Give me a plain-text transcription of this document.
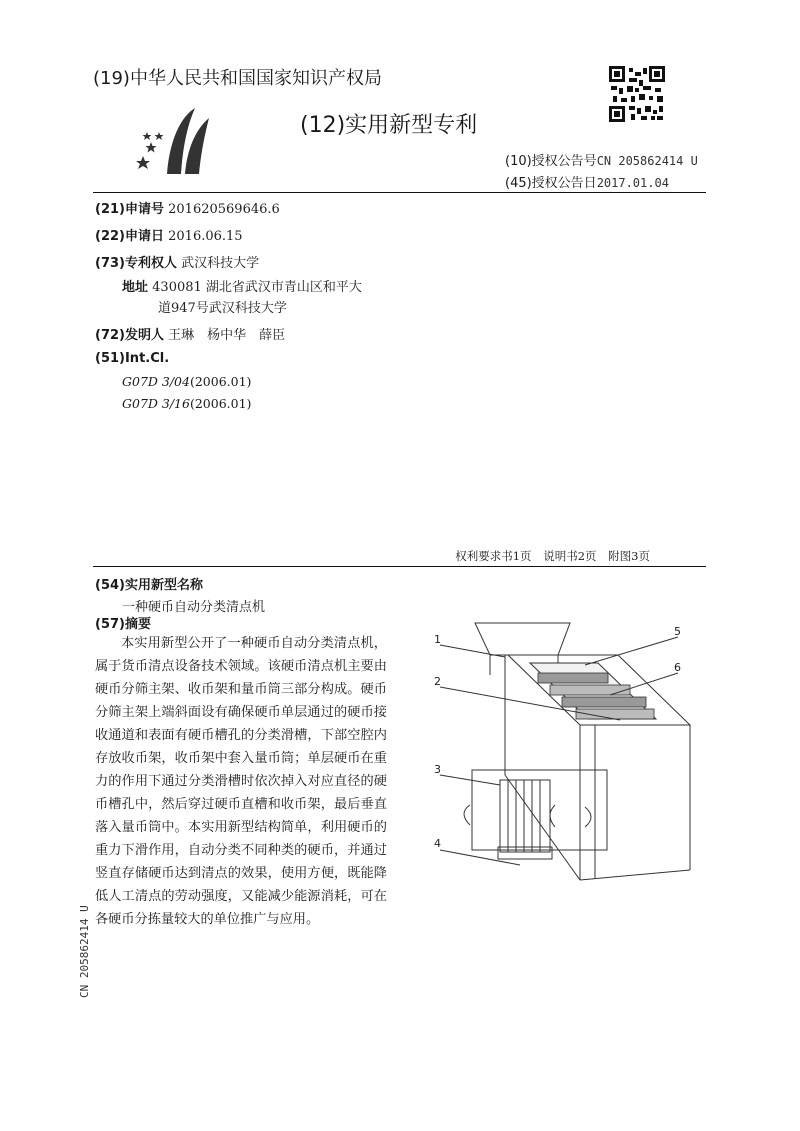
(19)中华人民共和国国家知识产权局
(12)实用新型专利
(10)授权公告号CN 205862414 U
(45)授权公告日2017.01.04
(21)申请号 201620569646.6
(22)申请日 2016.06.15
(73)专利权人 武汉科技大学
地址 430081 湖北省武汉市青山区和平大
道947号武汉科技大学
(72)发明人 王琳　杨中华　薛臣
(51)Int.Cl.
G07D 3/04(2006.01)
G07D 3/16(2006.01)
权利要求书1页 说明书2页 附图3页
(54)实用新型名称
一种硬币自动分类清点机
(57)摘要
本实用新型公开了一种硬币自动分类清点机，属于货币清点设备技术领域。该硬币清点机主要由硬币分筛主架、收币架和量币筒三部分构成。硬币分筛主架上端斜面设有确保硬币单层通过的硬币接收通道和表面有硬币槽孔的分类滑槽，下部空腔内存放收币架，收币架中套入量币筒；单层硬币在重力的作用下通过分类滑槽时依次掉入对应直径的硬币槽孔中，然后穿过硬币直槽和收币架，最后垂直落入量币筒中。本实用新型结构简单，利用硬币的重力下滑作用，自动分类不同种类的硬币，并通过竖直存储硬币达到清点的效果，使用方便，既能降低人工清点的劳动强度，又能减少能源消耗，可在各硬币分拣量较大的单位推广与应用。
1
2
3
4
5
6
CN 205862414 U
